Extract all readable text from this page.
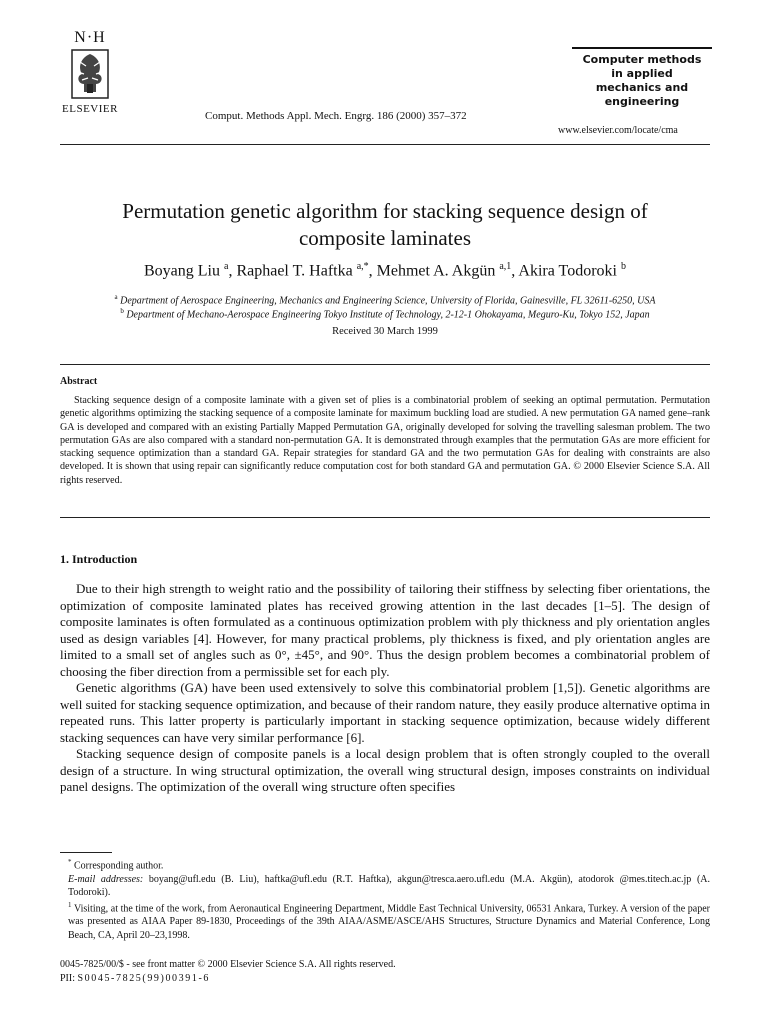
N·H
ELSEVIER
Comput. Methods Appl. Mech. Engrg. 186 (2000) 357–372
Computer methods
in applied
mechanics and
engineering
www.elsevier.com/locate/cma
Permutation genetic algorithm for stacking sequence design of
composite laminates
Boyang Liu $^a$, Raphael T. Haftka $^{a,*}$, Mehmet A. Akgün $^{a,1}$, Akira Todoroki $^b$
$^a$ Department of Aerospace Engineering, Mechanics and Engineering Science, University of Florida, Gainesville, FL 32611-6250, USA
$^b$ Department of Mechano-Aerospace Engineering Tokyo Institute of Technology, 2-12-1 Ohokayama, Meguro-Ku, Tokyo 152, Japan
Received 30 March 1999
Abstract
Stacking sequence design of a composite laminate with a given set of plies is a combinatorial problem of seeking an optimal permutation. Permutation genetic algorithms optimizing the stacking sequence of a composite laminate for maximum buckling load are studied. A new permutation GA named gene–rank GA is developed and compared with an existing Partially Mapped Permutation GA, originally developed for solving the travelling salesman problem. The two permutation GAs are also compared with a standard non-permutation GA. It is demonstrated through examples that the permutation GAs are more efficient for stacking sequence optimization than a standard GA. Repair strategies for standard GA and the two permutation GAs for dealing with constraints are also developed. It is shown that using repair can significantly reduce computation cost for both standard GA and permutation GA. © 2000 Elsevier Science S.A. All rights reserved.
1. Introduction

Due to their high strength to weight ratio and the possibility of tailoring their stiffness by selecting fiber orientations, the optimization of composite laminated plates has received growing attention in the last decades [1–5]. The design of composite laminates is often formulated as a continuous optimization problem with ply thickness and ply orientation angles used as design variables [4]. However, for many practical problems, ply thickness is fixed, and ply orientation angles are limited to a small set of angles such as 0°, ±45°, and 90°. Thus the design problem becomes a combinatorial problem of choosing the fiber direction from a permissible set for each ply.

Genetic algorithms (GA) have been used extensively to solve this combinatorial problem [1,5]). Genetic algorithms are well suited for stacking sequence optimization, and because of their random nature, they easily produce alternative optima in repeated runs. This latter property is particularly important in stacking sequence optimization, because widely different stacking sequences can have very similar performance [6].

Stacking sequence design of composite panels is a local design problem that is often strongly coupled to the overall design of a structure. In wing structural optimization, the overall wing structural design, imposes constraints on individual panel designs. The optimization of the overall wing structure often specifies

* Corresponding author.

E-mail addresses: boyang@ufl.edu (B. Liu), haftka@ufl.edu (R.T. Haftka), akgun@tresca.aero.ufl.edu (M.A. Akgün), atodorok @mes.titech.ac.jp (A. Todoroki).

$^1$ Visiting, at the time of the work, from Aeronautical Engineering Department, Middle East Technical University, 06531 Ankara, Turkey. A version of the paper was presented as AIAA Paper 89-1830, Proceedings of the 39th AIAA/ASME/ASCE/AHS Structures, Structure Dynamics and Material Conference, Long Beach, CA, April 20–23,1998.

0045-7825/00/$ - see front matter © 2000 Elsevier Science S.A. All rights reserved.
PII: S0045-7825(99)00391-6
